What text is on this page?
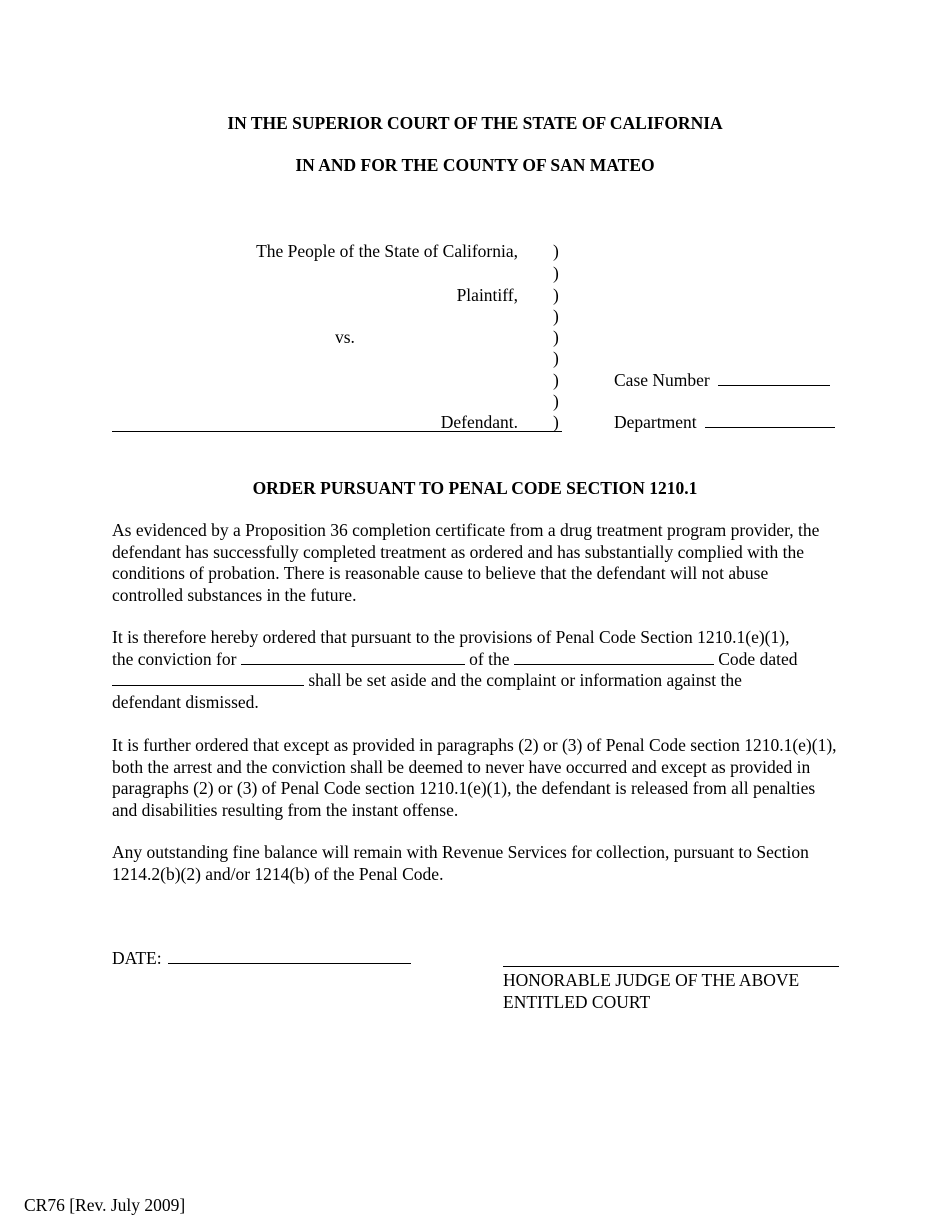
IN THE SUPERIOR COURT OF THE STATE OF CALIFORNIA
IN AND FOR THE COUNTY OF SAN MATEO
The People of the State of California,
Plaintiff,
vs.
Defendant.
)
)
)
)
)
)
)
)
)
Case Number
Department
ORDER PURSUANT TO PENAL CODE SECTION 1210.1

As evidenced by a Proposition 36 completion certificate from a drug treatment program provider, the defendant has successfully completed treatment as ordered and has substantially complied with the conditions of probation. There is reasonable cause to believe that the defendant will not abuse controlled substances in the future.

It is therefore hereby ordered that pursuant to the provisions of Penal Code Section 1210.1(e)(1),
the conviction for	of the	Code dated
shall be set aside and the complaint or information against the
defendant dismissed.

It is further ordered that except as provided in paragraphs (2) or (3) of Penal Code section 1210.1(e)(1), both the arrest and the conviction shall be deemed to never have occurred and except as provided in paragraphs (2) or (3) of Penal Code section 1210.1(e)(1), the defendant is released from all penalties and disabilities resulting from the instant offense.

Any outstanding fine balance will remain with Revenue Services for collection, pursuant to Section 1214.2(b)(2) and/or 1214(b) of the Penal Code.

DATE:
HONORABLE JUDGE OF THE ABOVE
ENTITLED COURT
CR76 [Rev. July 2009]
